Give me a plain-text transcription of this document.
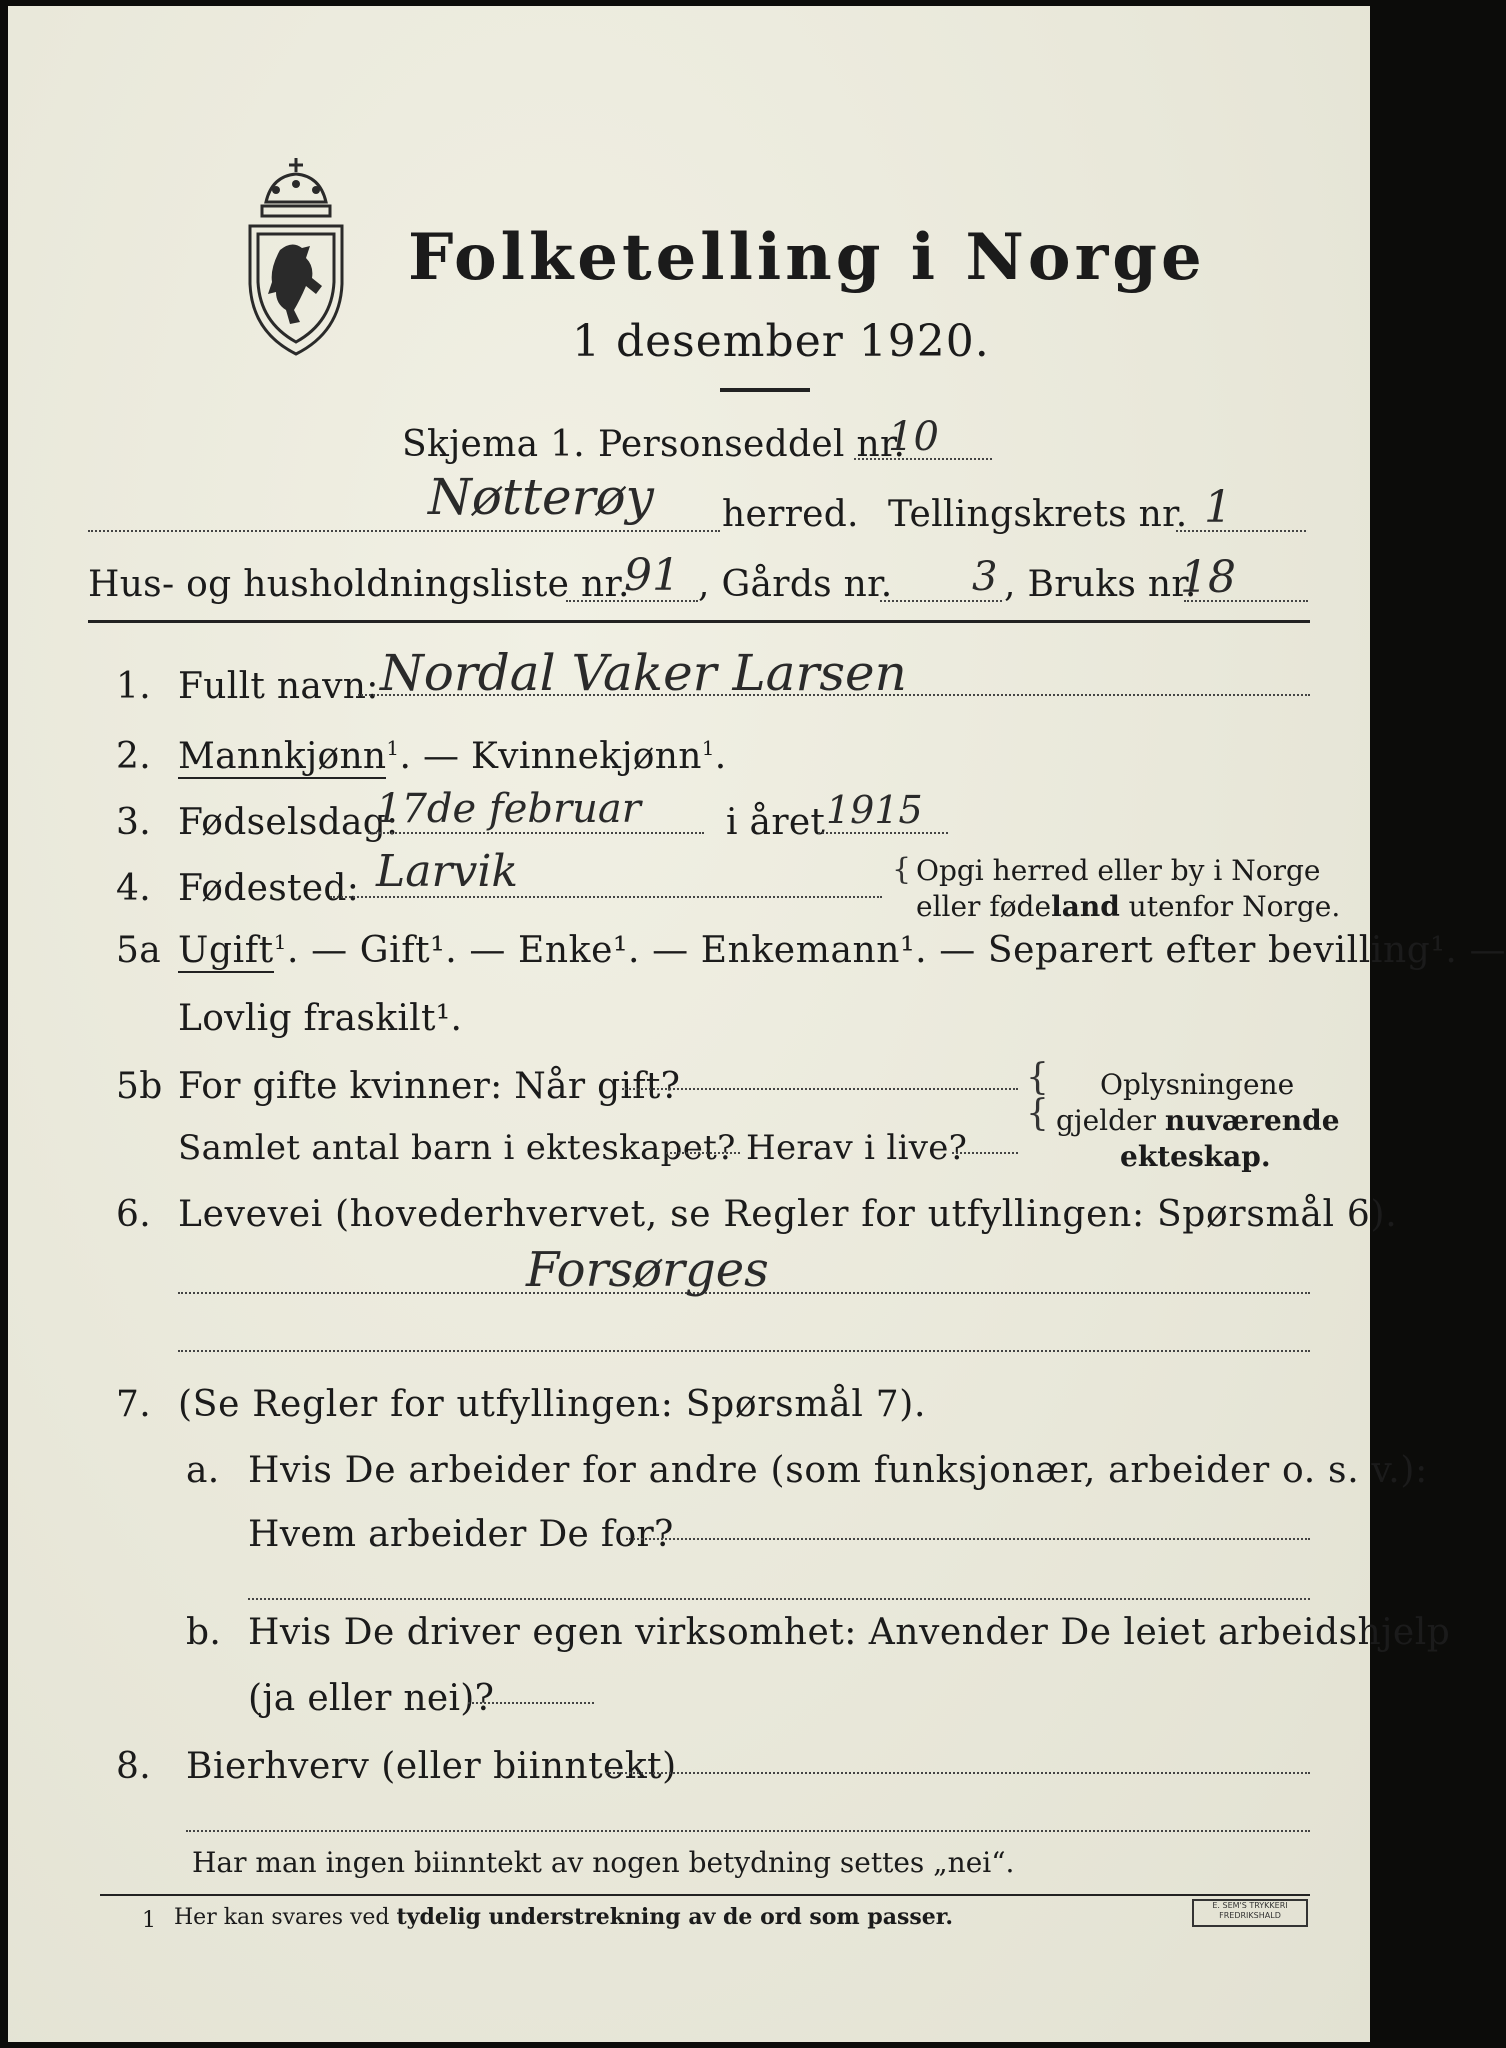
Folketelling i Norge
1 desember 1920.
Skjema 1. Personseddel nr.
10
Nøtterøy herred. Tellingskrets nr. 1
Hus- og husholdningsliste nr.
91 , Gårds nr. 3 , Bruks nr.
18
1. Fullt navn: Nordal Vaker Larsen
2. Mannkjønn$^1$. — Kvinnekjønn$^1$.
3. Fødselsdag:
17de februar i året 1915
4. Fødested: Larvik	{ Opgi herred eller by i Norge
eller fødeland utenfor Norge.
5a Ugift$^1$. — Gift¹. — Enke¹. — Enkemann¹. — Separert efter bevilling¹. —
Lovlig fraskilt¹.
5b For gifte kvinner: Når gift?
Samlet antal barn i ekteskapet? Herav i live?
{
{
Oplysningene
gjelder nuværende
ekteskap.
6. Levevei (hovederhvervet, se Regler for utfyllingen: Spørsmål 6).
Forsørges
7. (Se Regler for utfyllingen: Spørsmål 7).
a. Hvis De arbeider for andre (som funksjonær, arbeider o. s. v.):
Hvem arbeider De for?
b. Hvis De driver egen virksomhet: Anvender De leiet arbeidshjelp
(ja eller nei)?
8. Bierhverv (eller biinntekt)
Har man ingen biinntekt av nogen betydning settes „nei“.
1 Her kan svares ved tydelig understrekning av de ord som passer.	E. SEM'S TRYKKERI
FREDRIKSHALD
